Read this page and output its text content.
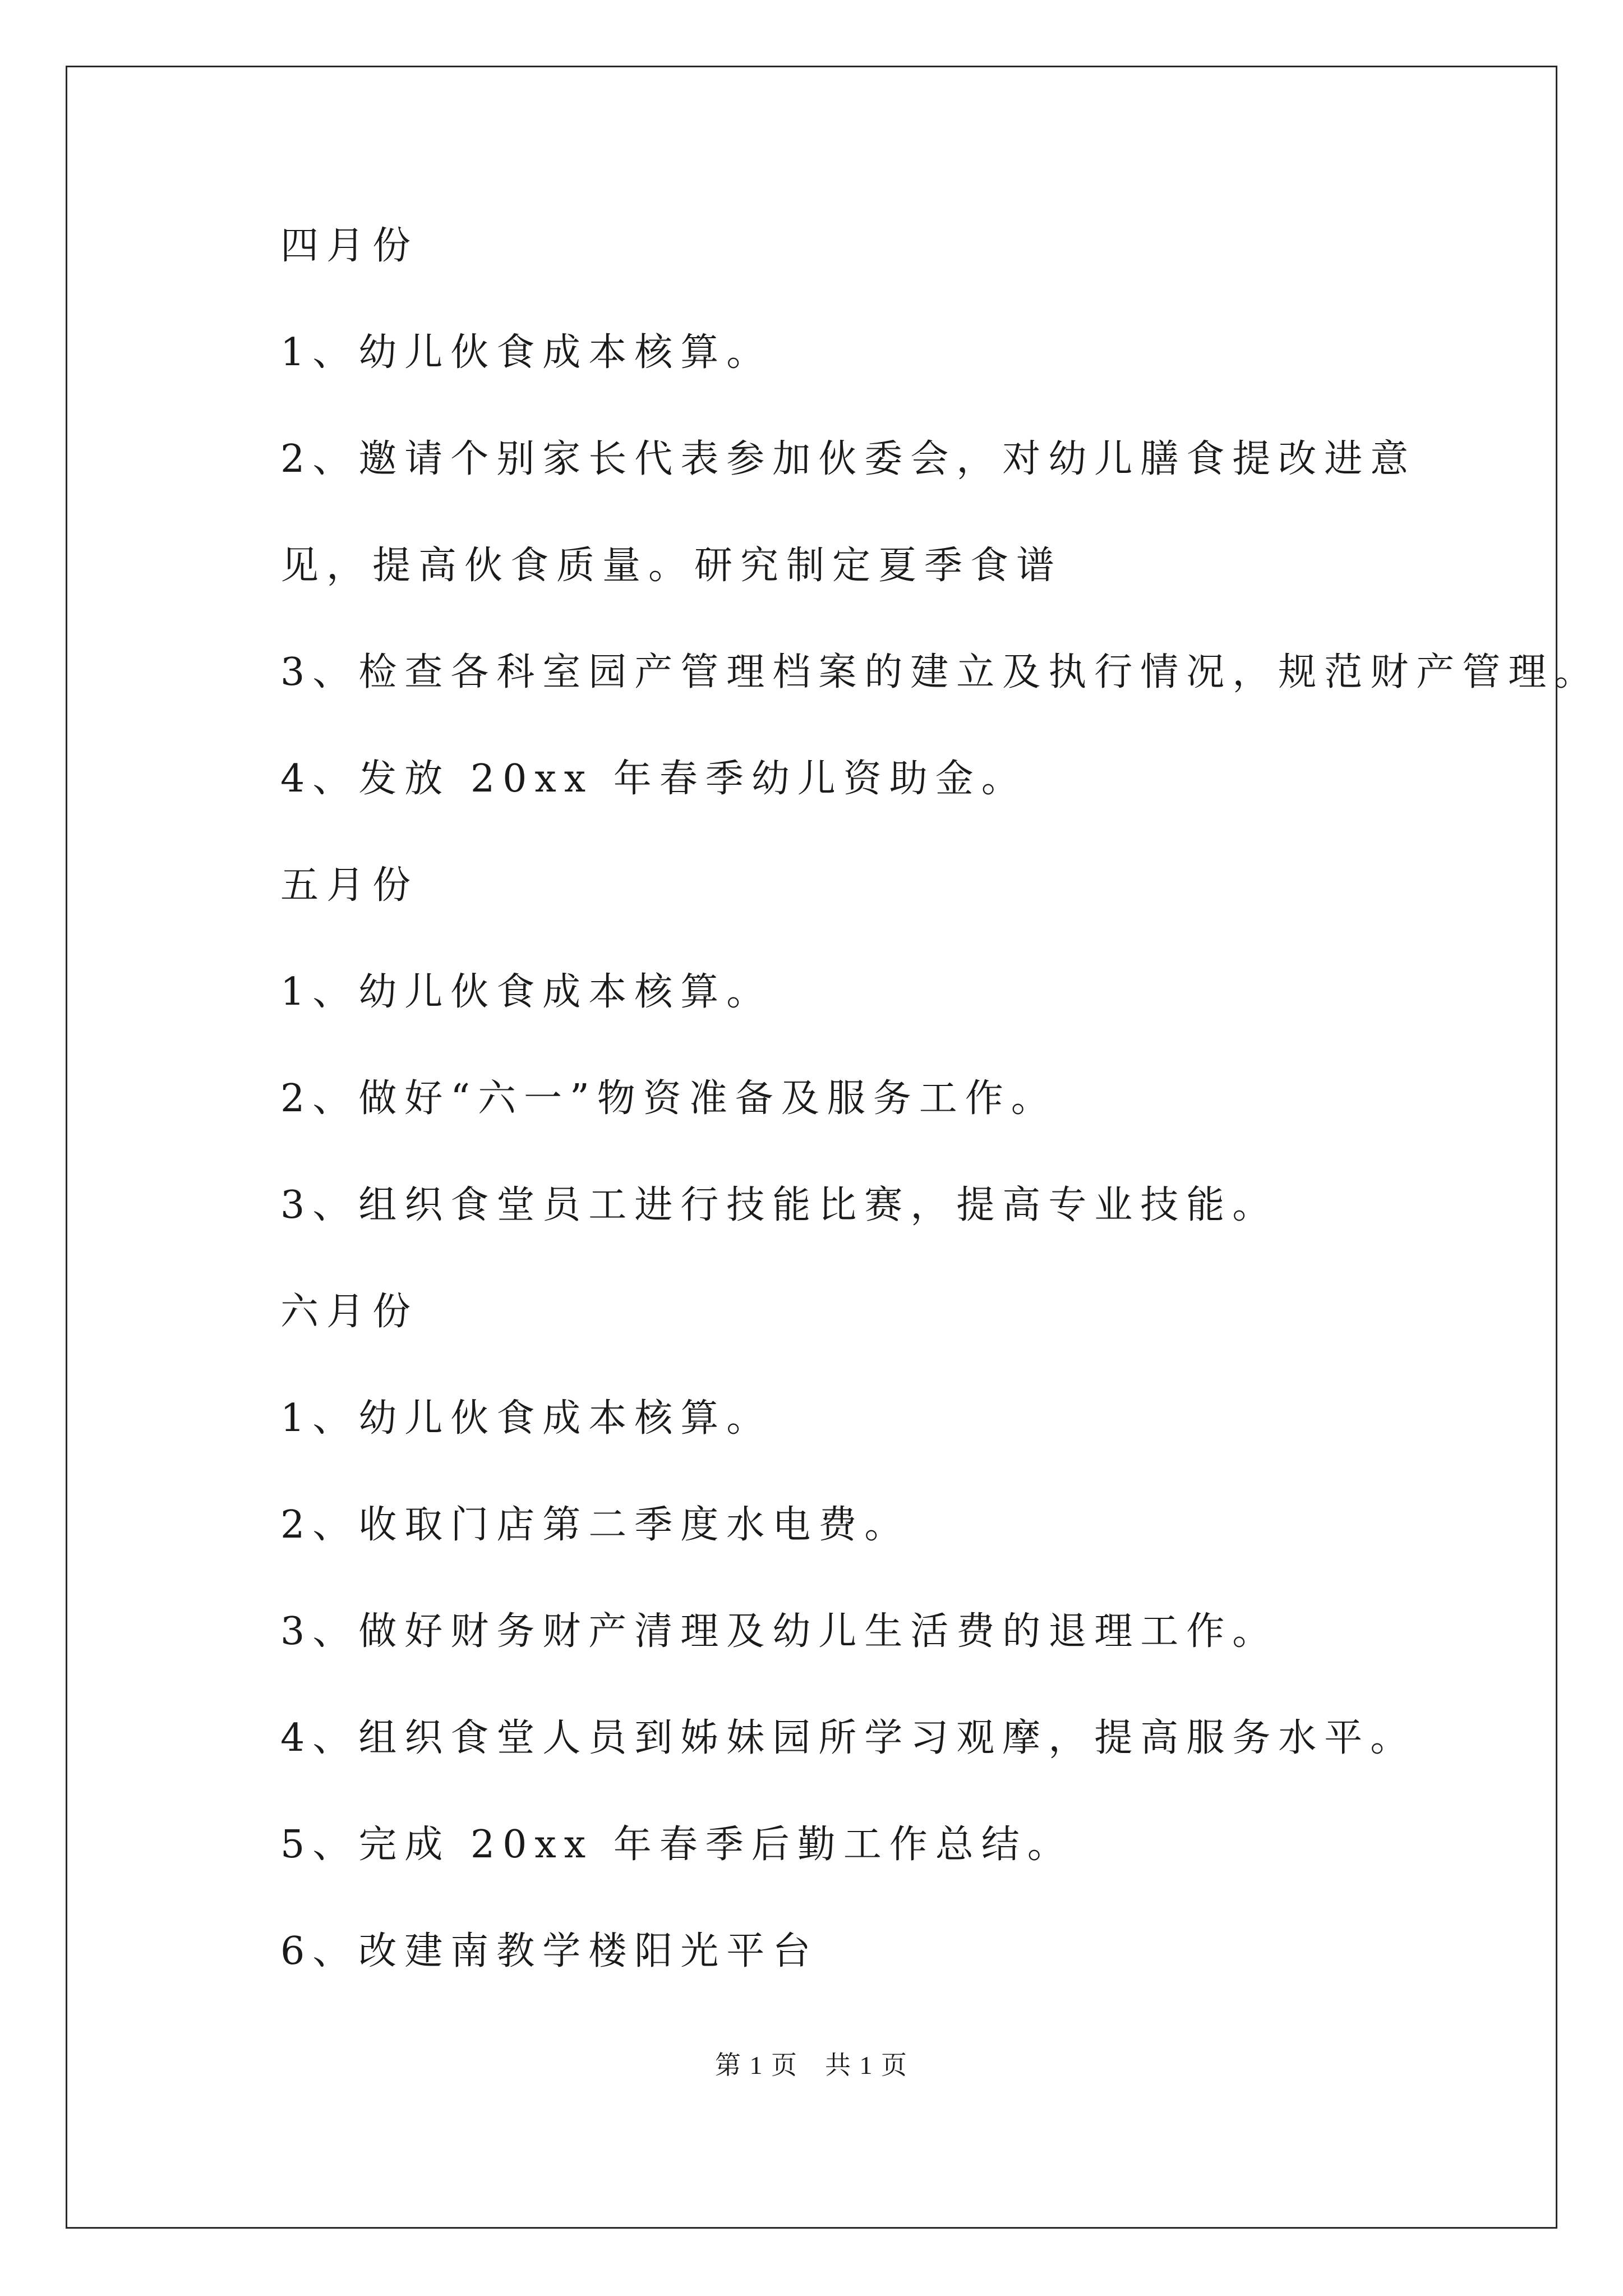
四月份
1、幼儿伙食成本核算。
2、邀请个别家长代表参加伙委会，对幼儿膳食提改进意
见，提高伙食质量。研究制定夏季食谱
3、检查各科室园产管理档案的建立及执行情况，规范财产管理。
4、发放 20xx 年春季幼儿资助金。
五月份
1、幼儿伙食成本核算。
2、做好“六一”物资准备及服务工作。
3、组织食堂员工进行技能比赛，提高专业技能。
六月份
1、幼儿伙食成本核算。
2、收取门店第二季度水电费。
3、做好财务财产清理及幼儿生活费的退理工作。
4、组织食堂人员到姊妹园所学习观摩，提高服务水平。
5、完成 20xx 年春季后勤工作总结。
6、改建南教学楼阳光平台
第 1 页　共 1 页
